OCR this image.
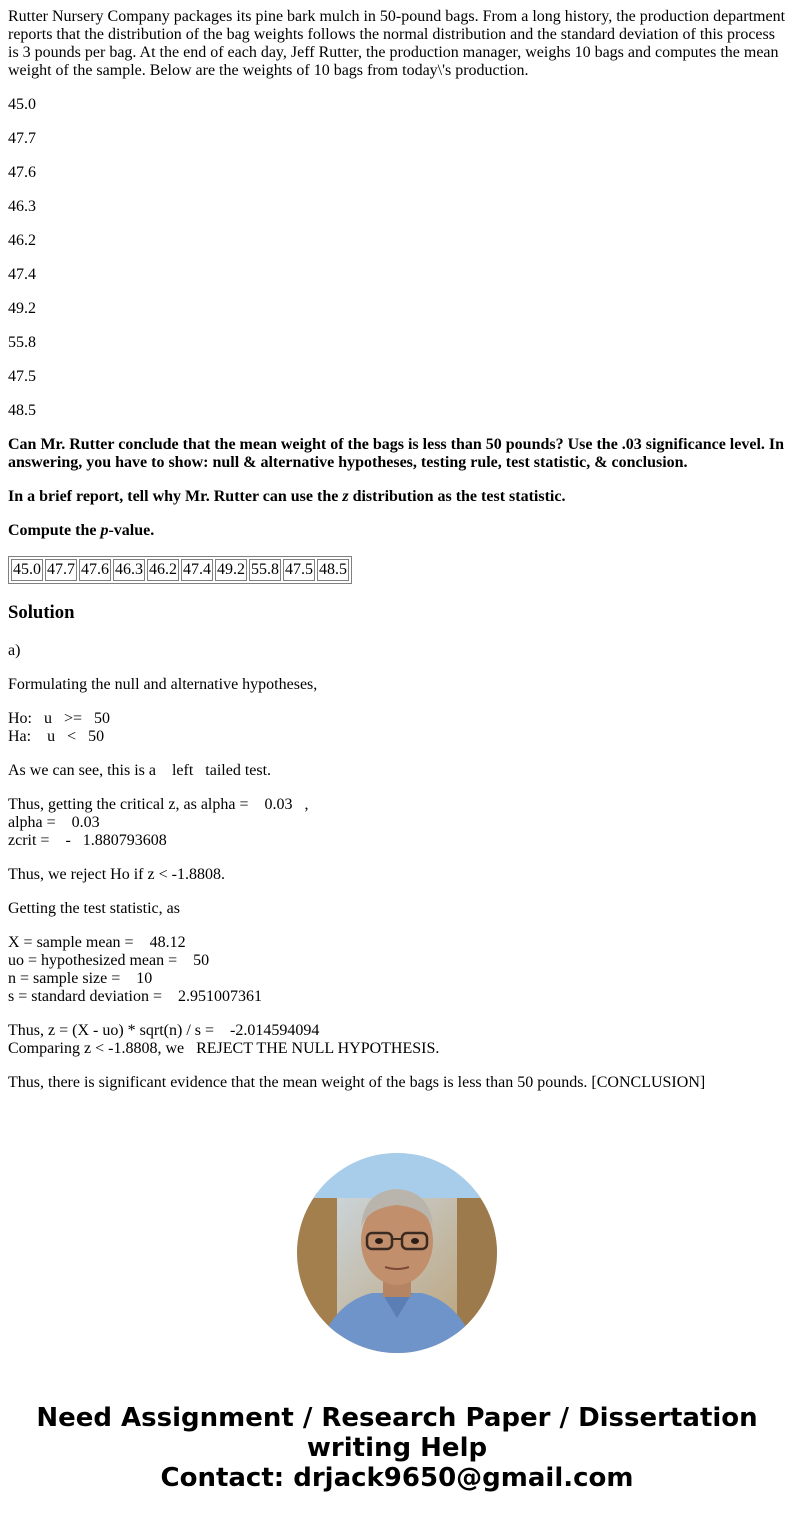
Rutter Nursery Company packages its pine bark mulch in 50-pound bags. From a long history, the production department reports that the distribution of the bag weights follows the normal distribution and the standard deviation of this process is 3 pounds per bag. At the end of each day, Jeff Rutter, the production manager, weighs 10 bags and computes the mean weight of the sample. Below are the weights of 10 bags from today\'s production.

45.0

47.7

47.6

46.3

46.2

47.4

49.2

55.8

47.5

48.5

Can Mr. Rutter conclude that the mean weight of the bags is less than 50 pounds? Use the .03 significance level. In answering, you have to show: null & alternative hypotheses, testing rule, test statistic, & conclusion.

In a brief report, tell why Mr. Rutter can use the z distribution as the test statistic.

Compute the p-value.

45.0	47.7	47.6	46.3	46.2	47.4	49.2	55.8	47.5	48.5
Solution

a)

Formulating the null and alternative hypotheses,

Ho:   u   >=   50
Ha:    u   <   50

As we can see, this is a    left   tailed test.

Thus, getting the critical z, as alpha =    0.03   ,
alpha =    0.03
zcrit =    -   1.880793608

Thus, we reject Ho if z < -1.8808.

Getting the test statistic, as

X = sample mean =    48.12
uo = hypothesized mean =    50
n = sample size =    10
s = standard deviation =    2.951007361

Thus, z = (X - uo) * sqrt(n) / s =    -2.014594094
Comparing z < -1.8808, we   REJECT THE NULL HYPOTHESIS.

Thus, there is significant evidence that the mean weight of the bags is less than 50 pounds. [CONCLUSION]

Need Assignment / Research Paper / Dissertation
writing Help
Contact: drjack9650@gmail.com
